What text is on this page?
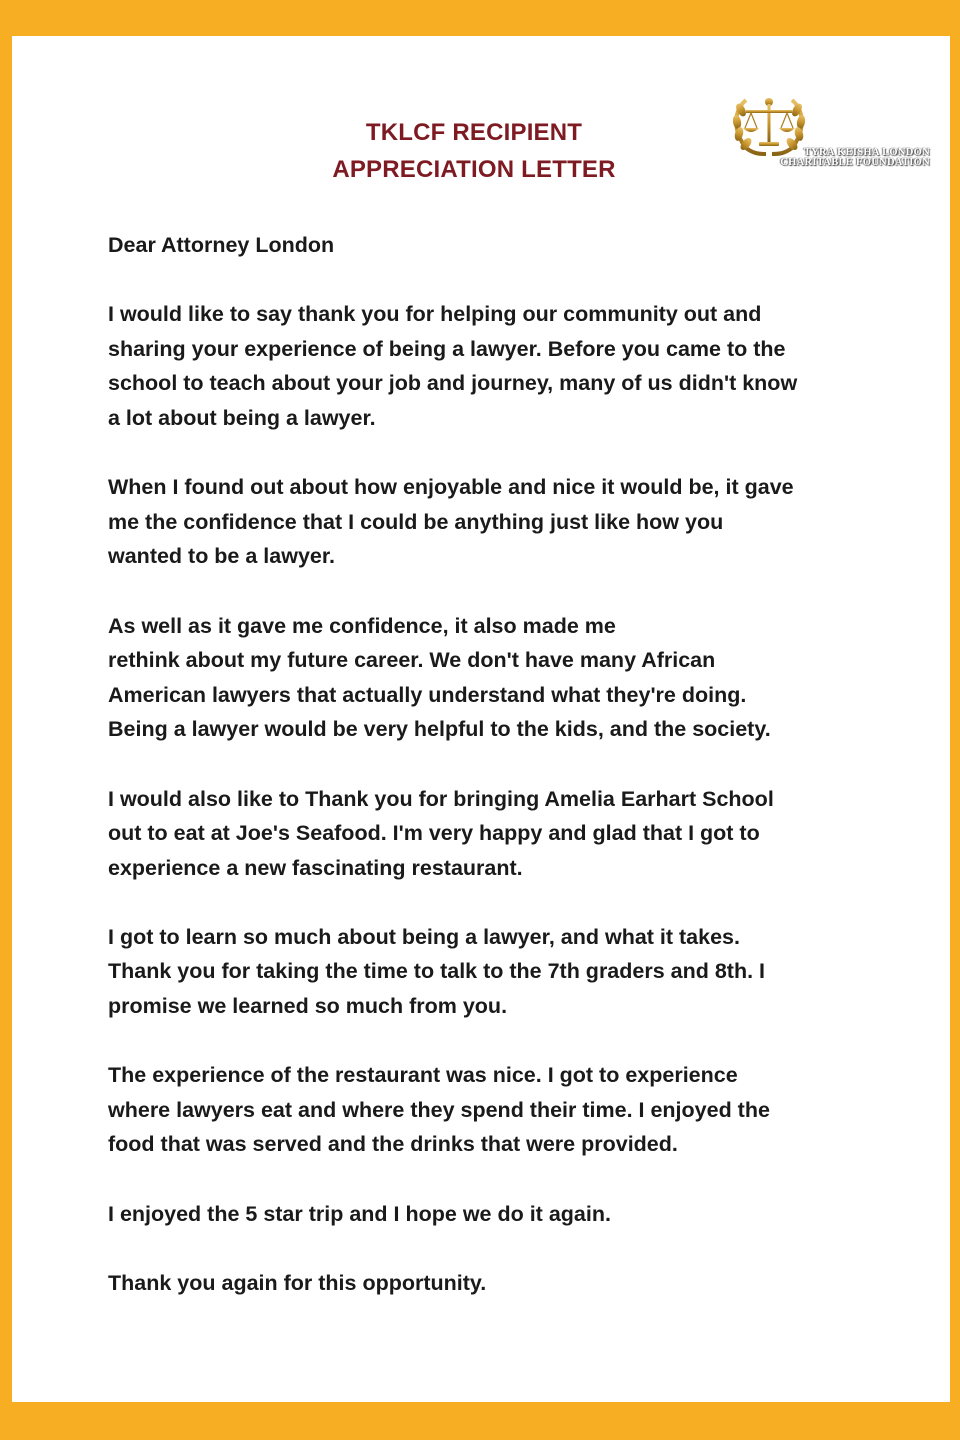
TKLCF RECIPIENT
APPRECIATION LETTER
TYRA KEISHA LONDON
CHARITABLE FOUNDATION

Dear Attorney London

I would like to say thank you for helping our community out and
sharing your experience of being a lawyer. Before you came to the
school to teach about your job and journey, many of us didn't know
a lot about being a lawyer.

When I found out about how enjoyable and nice it would be, it gave
me the confidence that I could be anything just like how you
wanted to be a lawyer.

As well as it gave me confidence, it also made me
rethink about my future career. We don't have many African
American lawyers that actually understand what they're doing.
Being a lawyer would be very helpful to the kids, and the society.

I would also like to Thank you for bringing Amelia Earhart School
out to eat at Joe's Seafood. I'm very happy and glad that I got to
experience a new fascinating restaurant.

I got to learn so much about being a lawyer, and what it takes.
Thank you for taking the time to talk to the 7th graders and 8th. I
promise we learned so much from you.

The experience of the restaurant was nice. I got to experience
where lawyers eat and where they spend their time. I enjoyed the
food that was served and the drinks that were provided.

I enjoyed the 5 star trip and I hope we do it again.

Thank you again for this opportunity.
